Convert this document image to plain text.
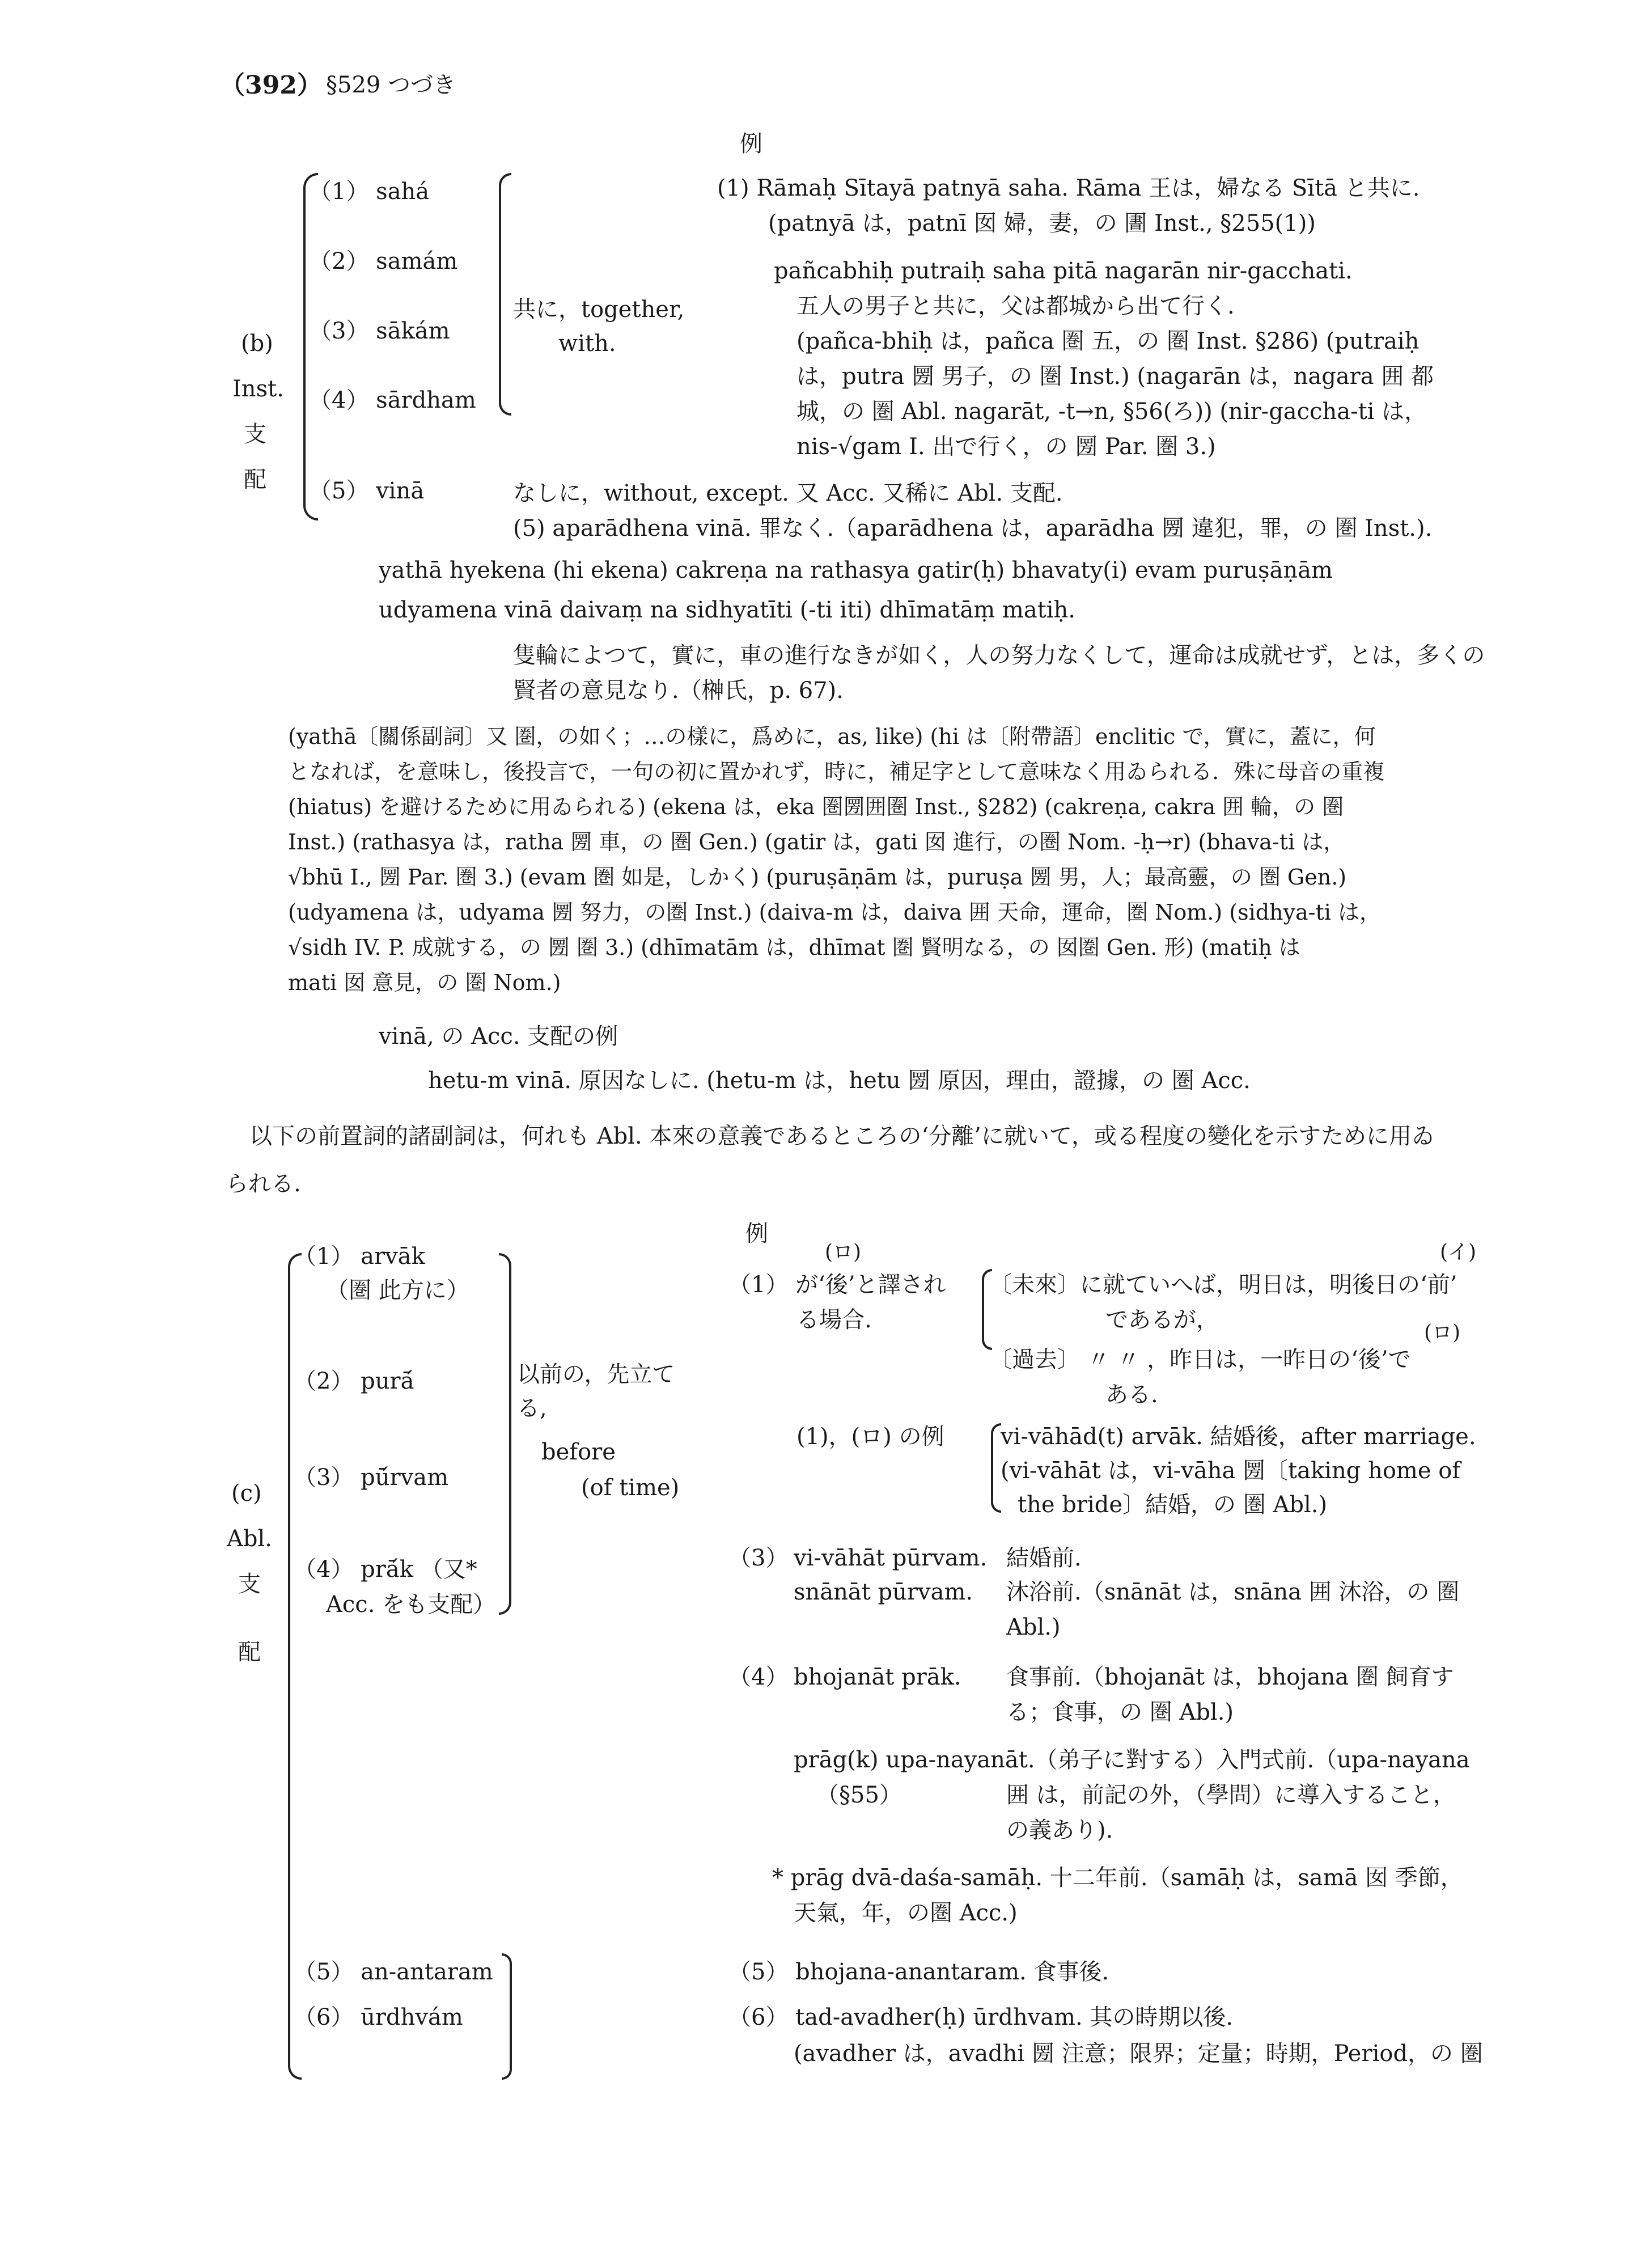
（392） §529 つづき
例
（1） sahá
（2） samám
（3） sākám
（4） sārdham
（5） vinā
(b)
Inst.
支
配
共に，together,
with.
(1) Rāmaḥ Sītayā patnyā saha. Rāma 王は，婦なる Sītā と共に.
(patnyā は，patnī 囡 婦，妻，の 圕 Inst., §255(1))
pañcabhiḥ putraiḥ saha pitā nagarān nir-gacchati.
五人の男子と共に，父は都城から出て行く.
(pañca-bhiḥ は，pañca 圏 五，の 圏 Inst. §286) (putraiḥ
は，putra 圐 男子，の 圏 Inst.) (nagarān は，nagara 囲 都
城，の 圏 Abl. nagarāt, -t→n, §56(ろ)) (nir-gaccha-ti は，
nis-√gam I. 出で行く，の 圐 Par. 圏 3.)
なしに，without, except. 又 Acc. 又稀に Abl. 支配.
(5) aparādhena vinā. 罪なく.（aparādhena は，aparādha 圐 違犯，罪，の 圏 Inst.).
yathā hyekena (hi ekena) cakreṇa na rathasya gatir(ḥ) bhavaty(i) evam puruṣāṇām
udyamena vinā daivaṃ na sidhyatīti (-ti iti) dhīmatāṃ matiḥ.
隻輪によつて，實に，車の進行なきが如く，人の努力なくして，運命は成就せず，とは，多くの
賢者の意見なり.（榊氏，p. 67).
(yathā〔關係副詞〕又 圏，の如く；…の樣に，爲めに，as, like) (hi は〔附帶語〕enclitic で，實に，蓋に，何
となれば，を意味し，後投言で，一句の初に置かれず，時に，補足字として意味なく用ゐられる．殊に母音の重複
(hiatus) を避けるために用ゐられる) (ekena は，eka 圏圐囲圏 Inst., §282) (cakreṇa, cakra 囲 輪，の 圏
Inst.) (rathasya は，ratha 圐 車，の 圏 Gen.) (gatir は，gati 囡 進行，の圏 Nom. -ḥ→r) (bhava-ti は，
√bhū I., 圐 Par. 圏 3.) (evam 圏 如是，しかく) (puruṣāṇām は，puruṣa 圐 男，人；最高靈，の 圏 Gen.)
(udyamena は，udyama 圐 努力，の圏 Inst.) (daiva-m は，daiva 囲 天命，運命，圏 Nom.) (sidhya-ti は，
√sidh IV. P. 成就する，の 圐 圏 3.) (dhīmatām は，dhīmat 圏 賢明なる，の 囡圏 Gen. 形) (matiḥ は
mati 囡 意見，の 圏 Nom.)
vinā, の Acc. 支配の例
hetu-m vinā. 原因なしに. (hetu-m は，hetu 圐 原因，理由，證據，の 圏 Acc.
以下の前置詞的諸副詞は，何れも Abl. 本來の意義であるところの‘分離’に就いて，或る程度の變化を示すために用ゐ
られる.
例
（1） arvāk
（圏 此方に）
（2） purā́
（3） pū́rvam
（4） prā́k （又*
Acc. をも支配）
（5） an-antaram
（6） ūrdhvám
(c)
Abl.
支
配
以前の，先立て
る,
before
(of time)
(ロ)
（1） が‘後’と譯され
る場合.
(イ)
(ロ)
〔未來〕に就ていへば，明日は，明後日の‘前’
であるが，
〔過去〕 〃 〃 ，昨日は，一昨日の‘後’で
ある.
(1)，(ロ) の例 vi-vāhād(t) arvāk. 結婚後，after marriage.
(vi-vāhāt は，vi-vāha 圐〔taking home of
the bride〕結婚，の 圏 Abl.)
（3） vi-vāhāt pūrvam.
snānāt pūrvam.
結婚前.
沐浴前.（snānāt は，snāna 囲 沐浴，の 圏
Abl.)
（4） bhojanāt prāk. 食事前.（bhojanāt は，bhojana 圏 飼育す
る；食事，の 圏 Abl.)
prāg(k) upa-nayanāt.（弟子に對する）入門式前.（upa-nayana
（§55）	囲 は，前記の外，（學問）に導入すること，
の義あり).
* prāg dvā-daśa-samāḥ. 十二年前.（samāḥ は，samā 囡 季節，
天氣，年，の圏 Acc.)
（5） bhojana-anantaram. 食事後.
（6） tad-avadher(ḥ) ūrdhvam. 其の時期以後.
(avadher は，avadhi 圐 注意；限界；定量；時期，Period，の 圏
